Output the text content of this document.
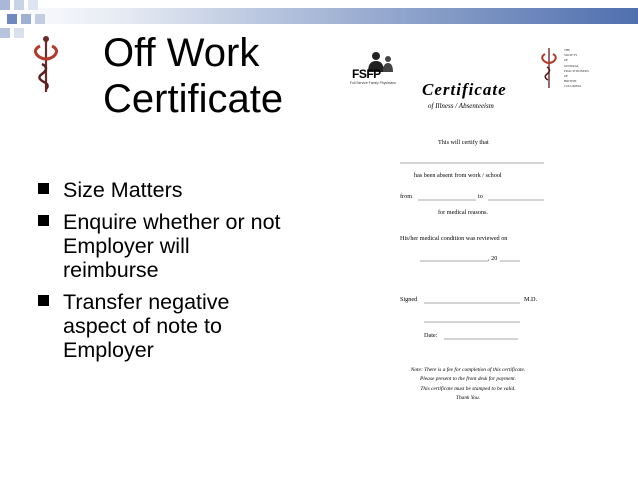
Off Work
Certificate
Size Matters
Enquire whether or not Employer will reimburse
Transfer negative aspect of note to Employer
FSFP
Full Service Family Physicians
THE
SOCIETY
OF
GENERAL
PRACTITIONERS
OF
BRITISH
COLUMBIA
Certificate
of Illness / Absenteeism
This will certify that
has been absent from work / school
from	to
for medical reasons.
His/her medical condition was reviewed on
, 20
Signed	M.D.
Date:
Note: There is a fee for completion of this certificate.
Please present to the front desk for payment.
This certificate must be stamped to be valid.
Thank You.
